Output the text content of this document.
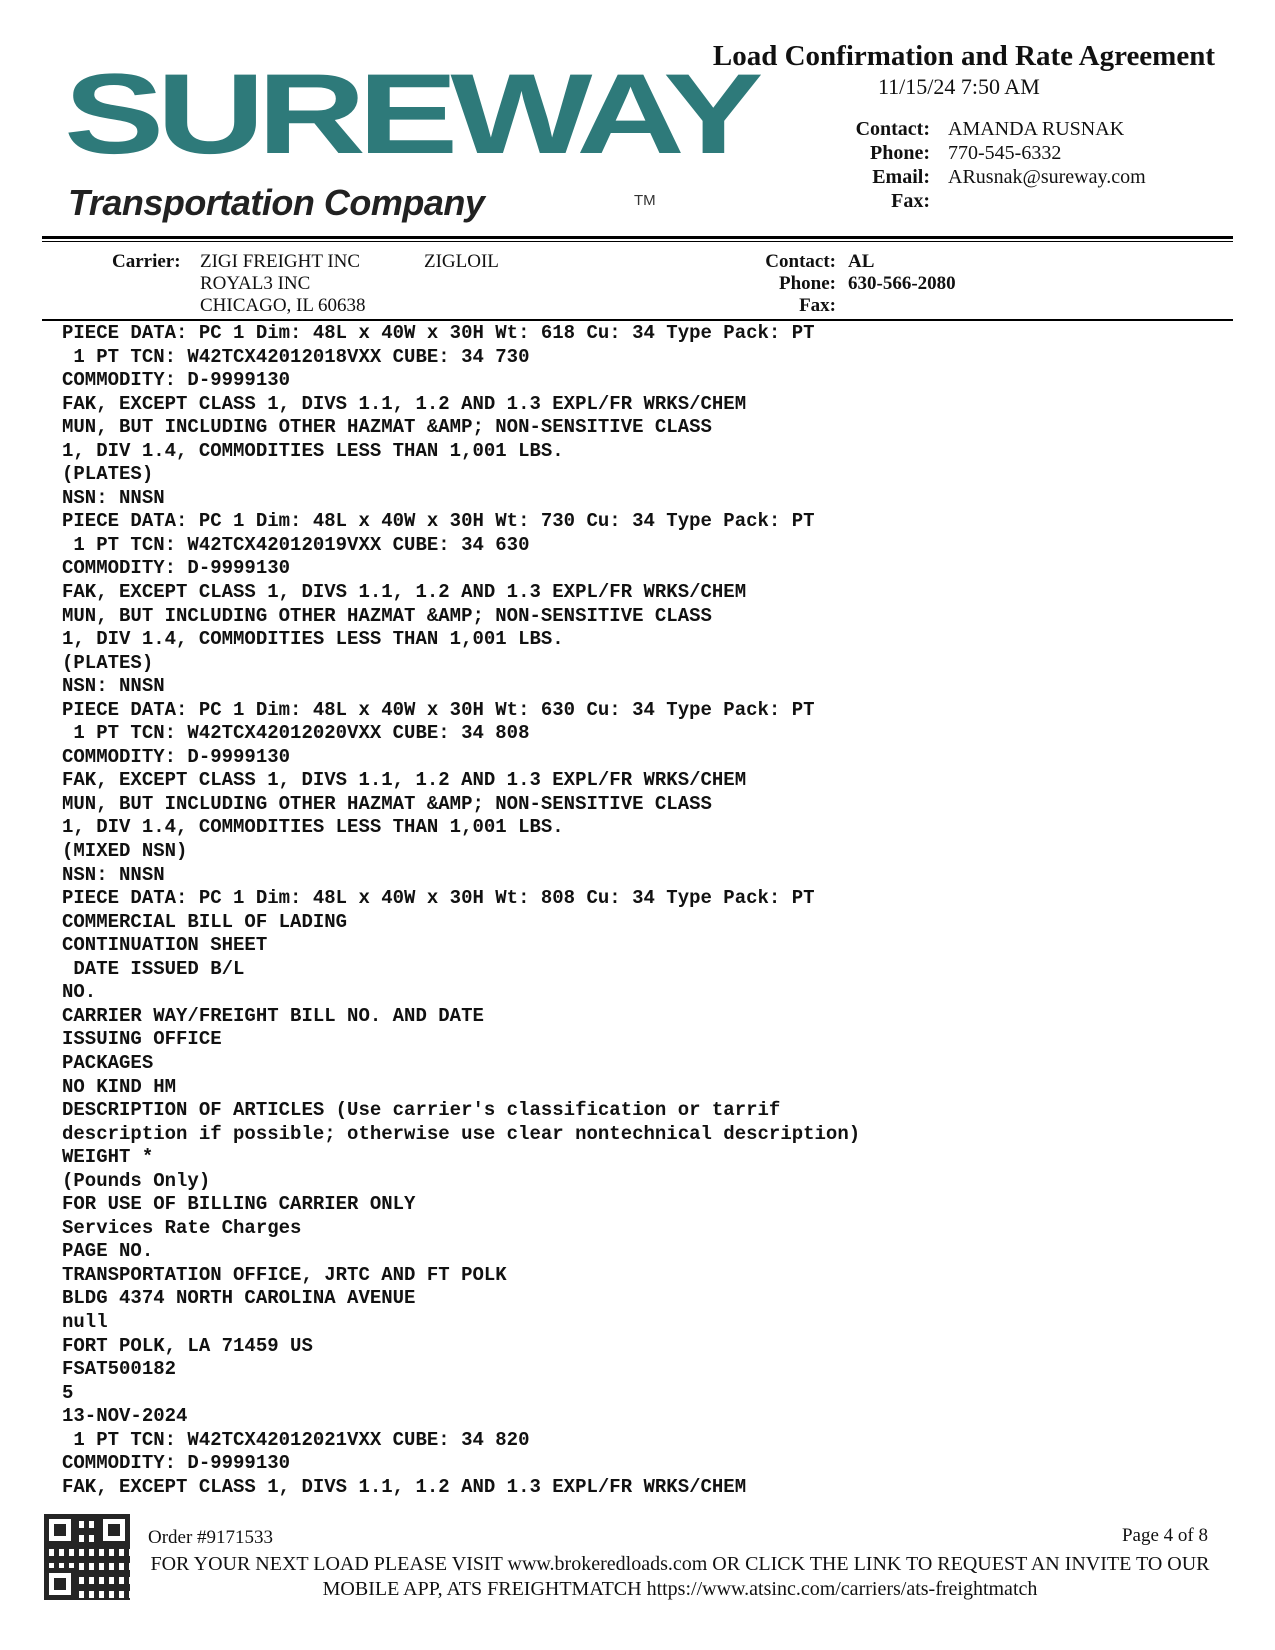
SUREWAY
Transportation Company	TM
Load Confirmation and Rate Agreement
11/15/24 7:50 AM
Contact: AMANDA RUSNAK
Phone: 770-545-6332
Email: ARusnak@sureway.com
Fax:
Carrier: ZIGI FREIGHT INC
ROYAL3 INC
CHICAGO, IL 60638
ZIGLOIL	Contact: AL
Phone: 630-566-2080
Fax:
PIECE DATA: PC 1 Dim: 48L x 40W x 30H Wt: 618 Cu: 34 Type Pack: PT
1 PT TCN: W42TCX42012018VXX CUBE: 34 730
COMMODITY: D-9999130
FAK, EXCEPT CLASS 1, DIVS 1.1, 1.2 AND 1.3 EXPL/FR WRKS/CHEM
MUN, BUT INCLUDING OTHER HAZMAT &AMP; NON-SENSITIVE CLASS
1, DIV 1.4, COMMODITIES LESS THAN 1,001 LBS.
(PLATES)
NSN: NNSN
PIECE DATA: PC 1 Dim: 48L x 40W x 30H Wt: 730 Cu: 34 Type Pack: PT
1 PT TCN: W42TCX42012019VXX CUBE: 34 630
COMMODITY: D-9999130
FAK, EXCEPT CLASS 1, DIVS 1.1, 1.2 AND 1.3 EXPL/FR WRKS/CHEM
MUN, BUT INCLUDING OTHER HAZMAT &AMP; NON-SENSITIVE CLASS
1, DIV 1.4, COMMODITIES LESS THAN 1,001 LBS.
(PLATES)
NSN: NNSN
PIECE DATA: PC 1 Dim: 48L x 40W x 30H Wt: 630 Cu: 34 Type Pack: PT
1 PT TCN: W42TCX42012020VXX CUBE: 34 808
COMMODITY: D-9999130
FAK, EXCEPT CLASS 1, DIVS 1.1, 1.2 AND 1.3 EXPL/FR WRKS/CHEM
MUN, BUT INCLUDING OTHER HAZMAT &AMP; NON-SENSITIVE CLASS
1, DIV 1.4, COMMODITIES LESS THAN 1,001 LBS.
(MIXED NSN)
NSN: NNSN
PIECE DATA: PC 1 Dim: 48L x 40W x 30H Wt: 808 Cu: 34 Type Pack: PT
COMMERCIAL BILL OF LADING
CONTINUATION SHEET
DATE ISSUED B/L
NO.
CARRIER WAY/FREIGHT BILL NO. AND DATE
ISSUING OFFICE
PACKAGES
NO KIND HM
DESCRIPTION OF ARTICLES (Use carrier's classification or tarrif
description if possible; otherwise use clear nontechnical description)
WEIGHT *
(Pounds Only)
FOR USE OF BILLING CARRIER ONLY
Services Rate Charges
PAGE NO.
TRANSPORTATION OFFICE, JRTC AND FT POLK
BLDG 4374 NORTH CAROLINA AVENUE
null
FORT POLK, LA 71459 US
FSAT500182
5
13-NOV-2024
1 PT TCN: W42TCX42012021VXX CUBE: 34 820
COMMODITY: D-9999130
FAK, EXCEPT CLASS 1, DIVS 1.1, 1.2 AND 1.3 EXPL/FR WRKS/CHEM
Order #9171533	Page 4 of 8
FOR YOUR NEXT LOAD PLEASE VISIT www.brokeredloads.com OR CLICK THE LINK TO REQUEST AN INVITE TO OUR MOBILE APP, ATS FREIGHTMATCH https://www.atsinc.com/carriers/ats-freightmatch
